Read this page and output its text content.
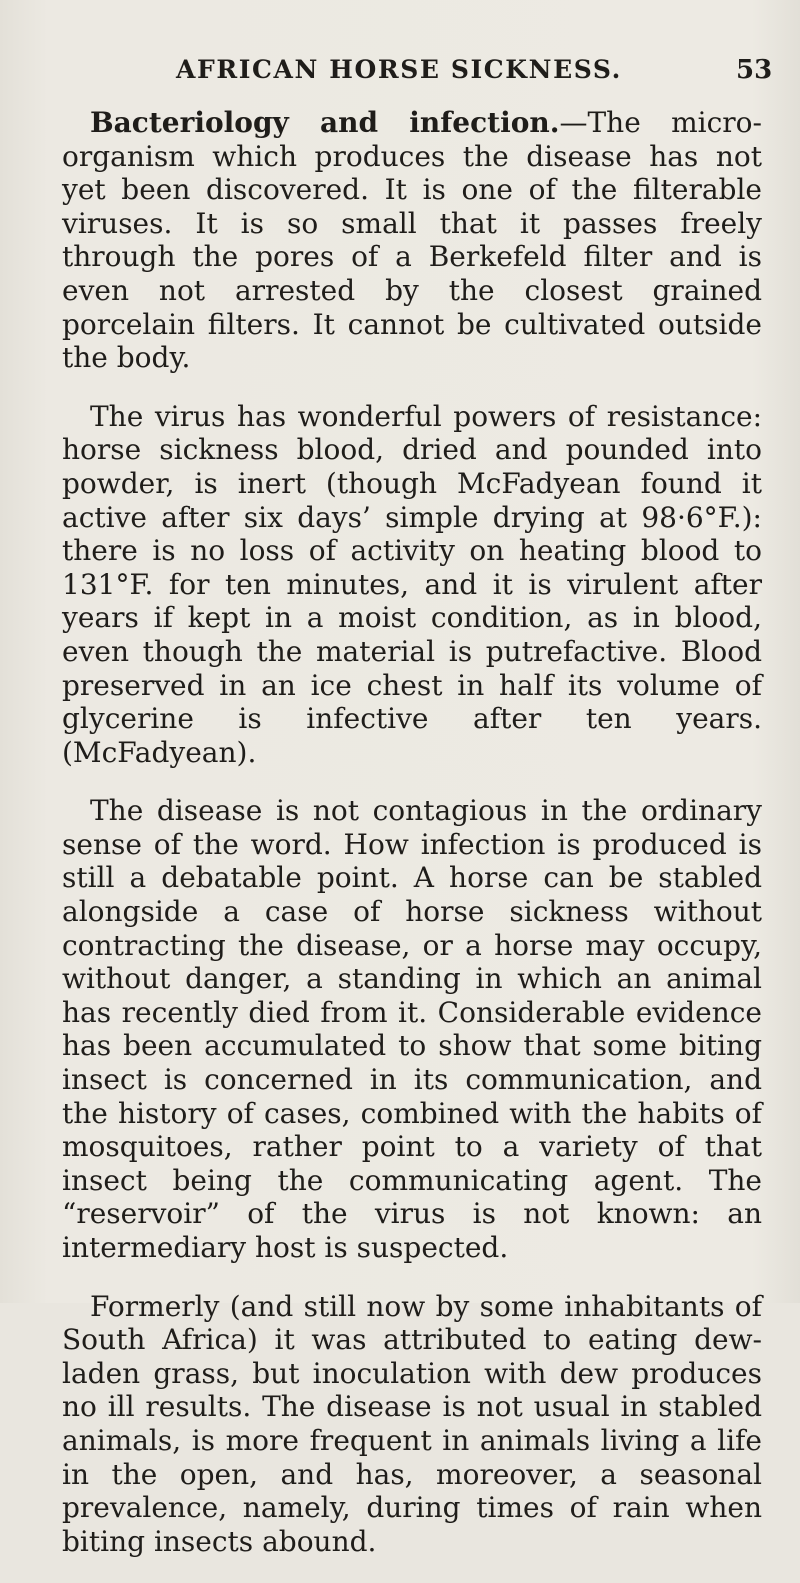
AFRICAN HORSE SICKNESS.	53

Bacteriology and infection.—The micro-organism which produces the disease has not yet been discovered. It is one of the filterable viruses. It is so small that it passes freely through the pores of a Berkefeld filter and is even not arrested by the closest grained porcelain filters. It cannot be cultivated outside the body.

The virus has wonderful powers of resistance: horse sickness blood, dried and pounded into powder, is inert (though McFadyean found it active after six days’ simple drying at 98·6°F.): there is no loss of activity on heating blood to 131°F. for ten minutes, and it is virulent after years if kept in a moist condition, as in blood, even though the material is putrefactive. Blood preserved in an ice chest in half its volume of glycerine is infective after ten years. (McFadyean).

The disease is not contagious in the ordinary sense of the word. How infection is produced is still a debatable point. A horse can be stabled alongside a case of horse sickness without contracting the disease, or a horse may occupy, without danger, a standing in which an animal has recently died from it. Considerable evidence has been accumulated to show that some biting insect is concerned in its communication, and the history of cases, combined with the habits of mosquitoes, rather point to a variety of that insect being the communicating agent. The “reservoir” of the virus is not known: an intermediary host is suspected.

Formerly (and still now by some inhabitants of South Africa) it was attributed to eating dew-laden grass, but inoculation with dew produces no ill results. The disease is not usual in stabled animals, is more frequent in animals living a life in the open, and has, moreover, a seasonal prevalence, namely, during times of rain when biting insects abound.
